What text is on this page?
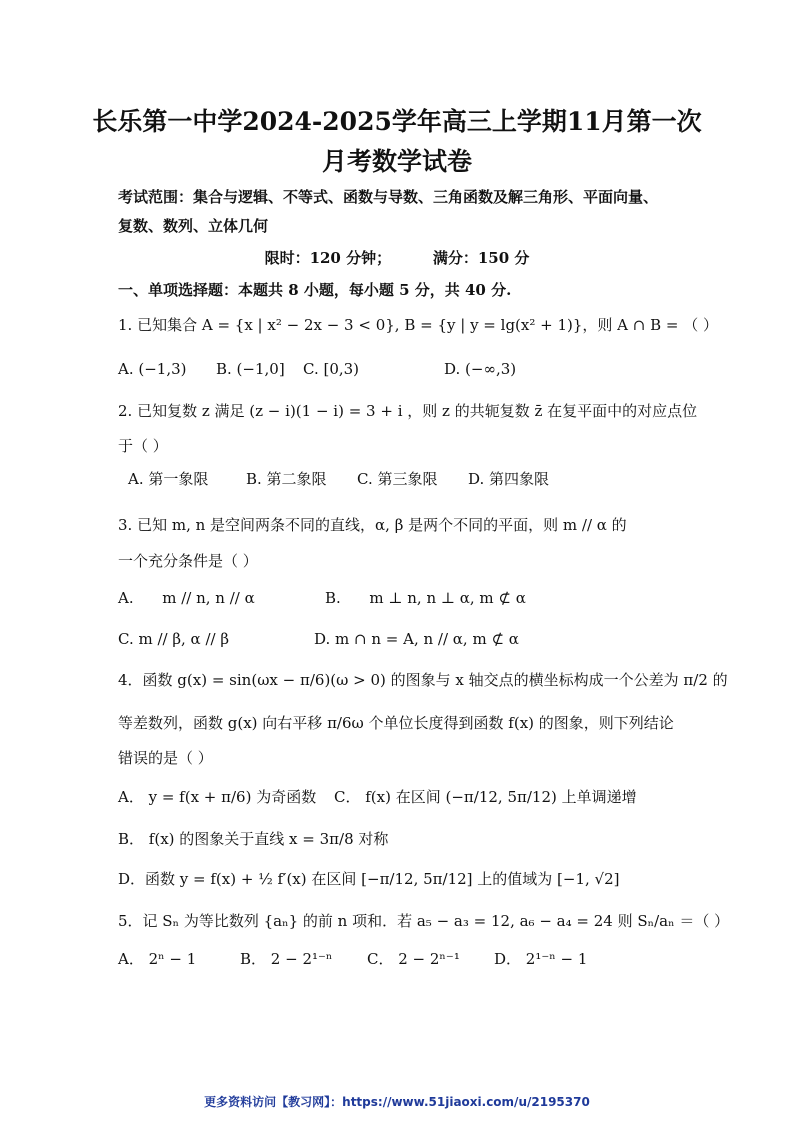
长乐第一中学2024-2025学年高三上学期11月第一次
月考数学试卷
考试范围：集合与逻辑、不等式、函数与导数、三角函数及解三角形、平面向量、
复数、数列、立体几何
限时：120 分钟；        满分：150 分
一、单项选择题：本题共 8 小题，每小题 5 分，共 40 分.
1. 已知集合 A = {x | x² − 2x − 3 < 0}, B = {y | y = lg(x² + 1)}，则 A ∩ B = （ ）
A. (−1,3) B. (−1,0] C. [0,3)	D. (−∞,3)
2. 已知复数 z 满足 (z − i)(1 − i) = 3 + i ，则 z 的共轭复数 z̄ 在复平面中的对应点位
于（ ）
A. 第一象限	B. 第二象限 C. 第三象限 D. 第四象限
3. 已知 m, n 是空间两条不同的直线，α, β 是两个不同的平面，则 m // α 的
一个充分条件是（ ）
A.      m // n, n // α	B.      m ⊥ n, n ⊥ α, m ⊄ α
C. m // β, α // β	D. m ∩ n = A, n // α, m ⊄ α
4．函数 g(x) = sin(ωx − π/6)(ω > 0) 的图象与 x 轴交点的横坐标构成一个公差为 π/2 的
等差数列，函数 g(x) 向右平移 π/6ω 个单位长度得到函数 f(x) 的图象，则下列结论
错误的是（ ）
A． y = f(x + π/6) 为奇函数 C． f(x) 在区间 (−π/12, 5π/12) 上单调递增
B． f(x) 的图象关于直线 x = 3π/8 对称
D．函数 y = f(x) + ½ f′(x) 在区间 [−π/12, 5π/12] 上的值域为 [−1, √2]
5．记 Sₙ 为等比数列 {aₙ} 的前 n 项和．若 a₅ − a₃ = 12, a₆ − a₄ = 24 则 Sₙ/aₙ ＝（ ）
A． 2ⁿ − 1	B． 2 − 2¹⁻ⁿ C． 2 − 2ⁿ⁻¹ D． 2¹⁻ⁿ − 1
更多资料访问【教习网】：https://www.51jiaoxi.com/u/2195370
